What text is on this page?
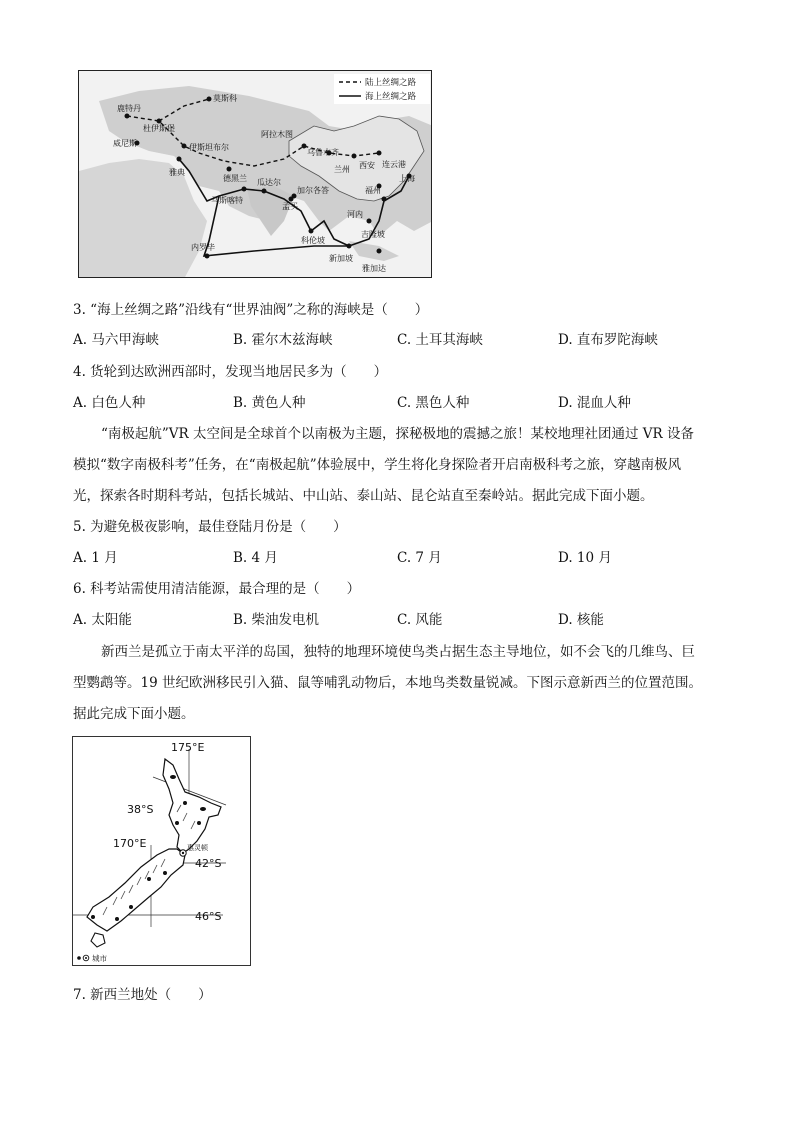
陆上丝绸之路
海上丝绸之路
莫斯科
鹿特丹
杜伊斯堡
威尼斯	伊斯坦布尔
阿拉木图
乌鲁木齐
西安
兰州
连云港
上海
福州
德黑兰
雅典
加尔各答
瓜达尔
马斯喀特
河内
科伦坡
内罗毕
吉隆坡
新加坡
雅加达
孟买
3. “海上丝绸之路”沿线有“世界油阀”之称的海峡是（　　）
A. 马六甲海峡	B. 霍尔木兹海峡	C. 土耳其海峡	D. 直布罗陀海峡
4. 货轮到达欧洲西部时，发现当地居民多为（　　）
A. 白色人种	B. 黄色人种	C. 黑色人种	D. 混血人种
“南极起航”VR 太空间是全球首个以南极为主题，探秘极地的震撼之旅！某校地理社团通过 VR 设备
模拟“数字南极科考”任务，在“南极起航”体验展中，学生将化身探险者开启南极科考之旅，穿越南极风
光，探索各时期科考站，包括长城站、中山站、泰山站、昆仑站直至秦岭站。据此完成下面小题。
5. 为避免极夜影响，最佳登陆月份是（　　）
A. 1 月	B. 4 月	C. 7 月	D. 10 月
6. 科考站需使用清洁能源，最合理的是（　　）
A. 太阳能	B. 柴油发电机	C. 风能	D. 核能
新西兰是孤立于南太平洋的岛国，独特的地理环境使鸟类占据生态主导地位，如不会飞的几维鸟、巨
型鹦鹉等。19 世纪欧洲移民引入猫、鼠等哺乳动物后，本地鸟类数量锐减。下图示意新西兰的位置范围。
据此完成下面小题。
175°E
170°E
38°S
42°S
46°S
惠灵顿
城市
7. 新西兰地处（　　）
